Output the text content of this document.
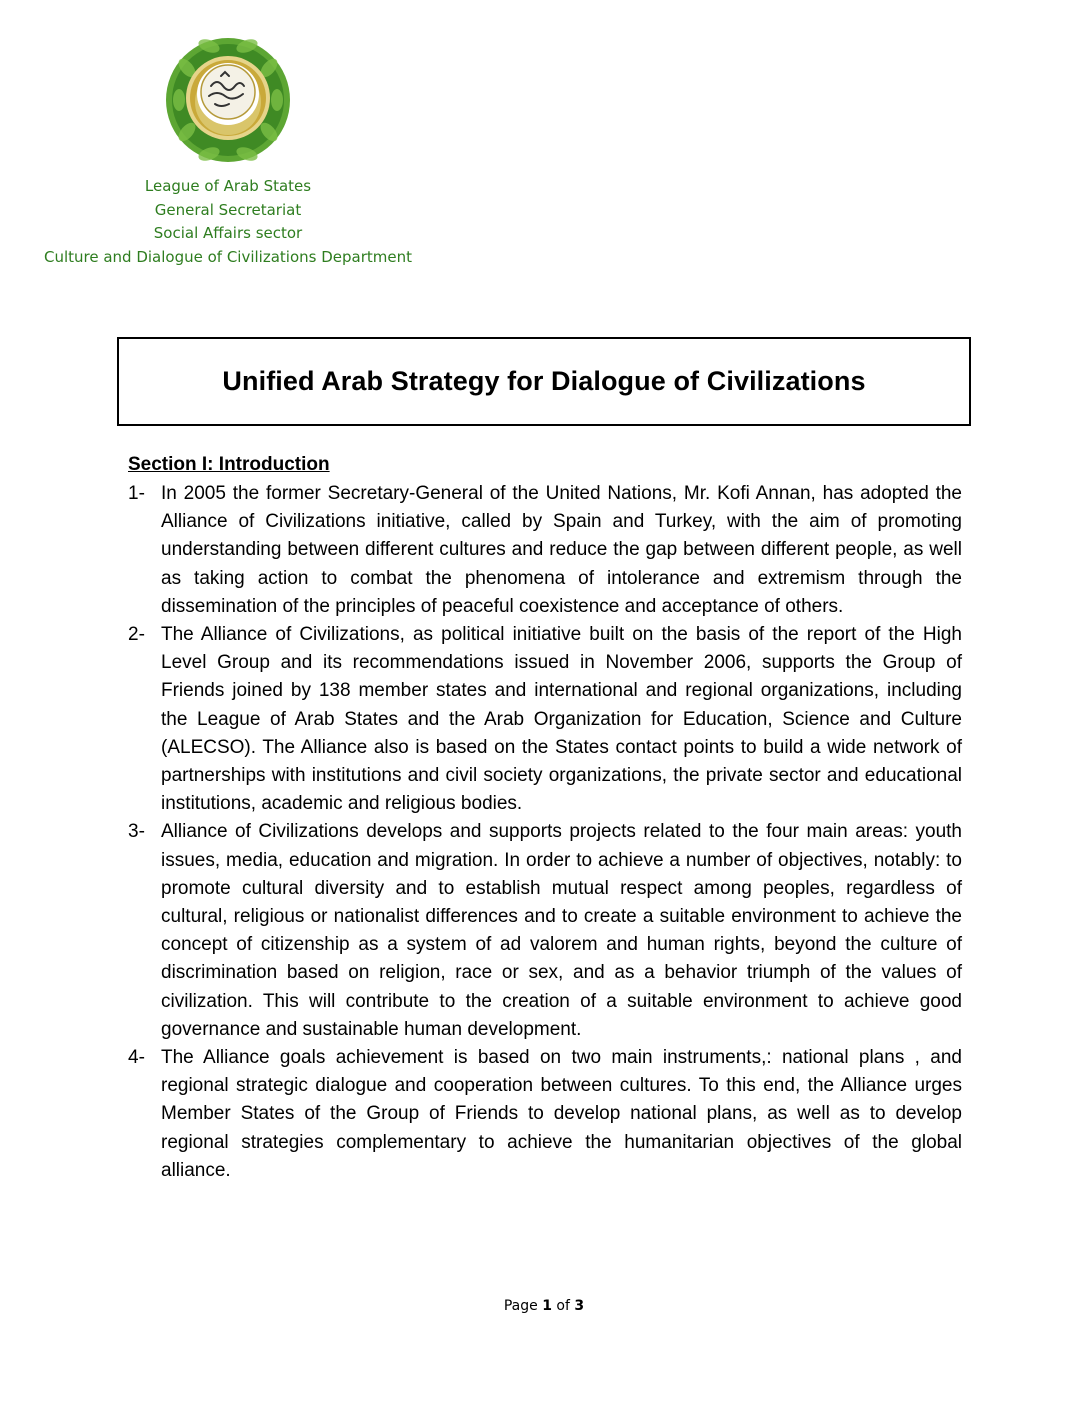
League of Arab States
General Secretariat
Social Affairs sector
Culture and Dialogue of Civilizations Department
Unified Arab Strategy for Dialogue of Civilizations
Section I: Introduction
1- In 2005 the former Secretary-General of the United Nations, Mr. Kofi Annan, has adopted the Alliance of Civilizations initiative, called by Spain and Turkey, with the aim of promoting understanding between different cultures and reduce the gap between different people, as well as taking action to combat the phenomena of intolerance and extremism through the dissemination of the principles of peaceful coexistence and acceptance of others.
2- The Alliance of Civilizations, as political initiative built on the basis of the report of the High Level Group and its recommendations issued in November 2006, supports the Group of Friends joined by 138 member states and international and regional organizations, including the League of Arab States and the Arab Organization for Education, Science and Culture (ALECSO). The Alliance also is based on the States contact points to build a wide network of partnerships with institutions and civil society organizations, the private sector and educational institutions, academic and religious bodies.
3- Alliance of Civilizations develops and supports projects related to the four main areas: youth issues, media, education and migration. In order to achieve a number of objectives, notably: to promote cultural diversity and to establish mutual respect among peoples, regardless of cultural, religious or nationalist differences and to create a suitable environment to achieve the concept of citizenship as a system of ad valorem and human rights, beyond the culture of discrimination based on religion, race or sex, and as a behavior triumph of the values of civilization. This will contribute to the creation of a suitable environment to achieve good governance and sustainable human development.
4- The Alliance goals achievement is based on two main instruments,: national plans , and regional strategic dialogue and cooperation between cultures. To this end, the Alliance urges Member States of the Group of Friends to develop national plans, as well as to develop regional strategies complementary to achieve the humanitarian objectives of the global alliance.
Page 1 of 3
